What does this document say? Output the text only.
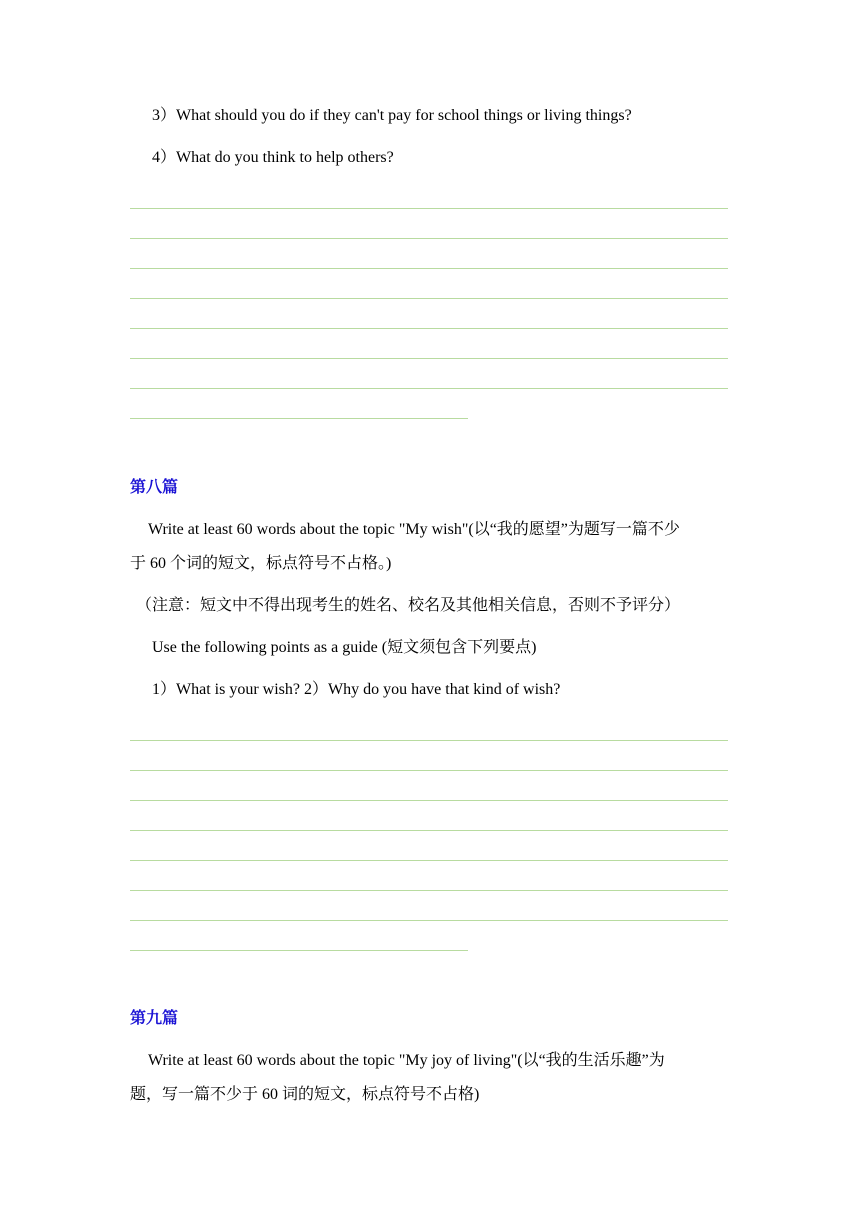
3）What should you do if they can't pay for school things or living things?
4）What do you think to help others?
第八篇
Write at least 60 words about the topic "My wish"(以“我的愿望”为题写一篇不少
于 60 个词的短文，标点符号不占格。)
（注意：短文中不得出现考生的姓名、校名及其他相关信息，否则不予评分）
Use the following points as a guide (短文须包含下列要点)
1）What is your wish? 2）Why do you have that kind of wish?
第九篇
Write at least 60 words about the topic "My joy of living"(以“我的生活乐趣”为
题，写一篇不少于 60 词的短文，标点符号不占格)
